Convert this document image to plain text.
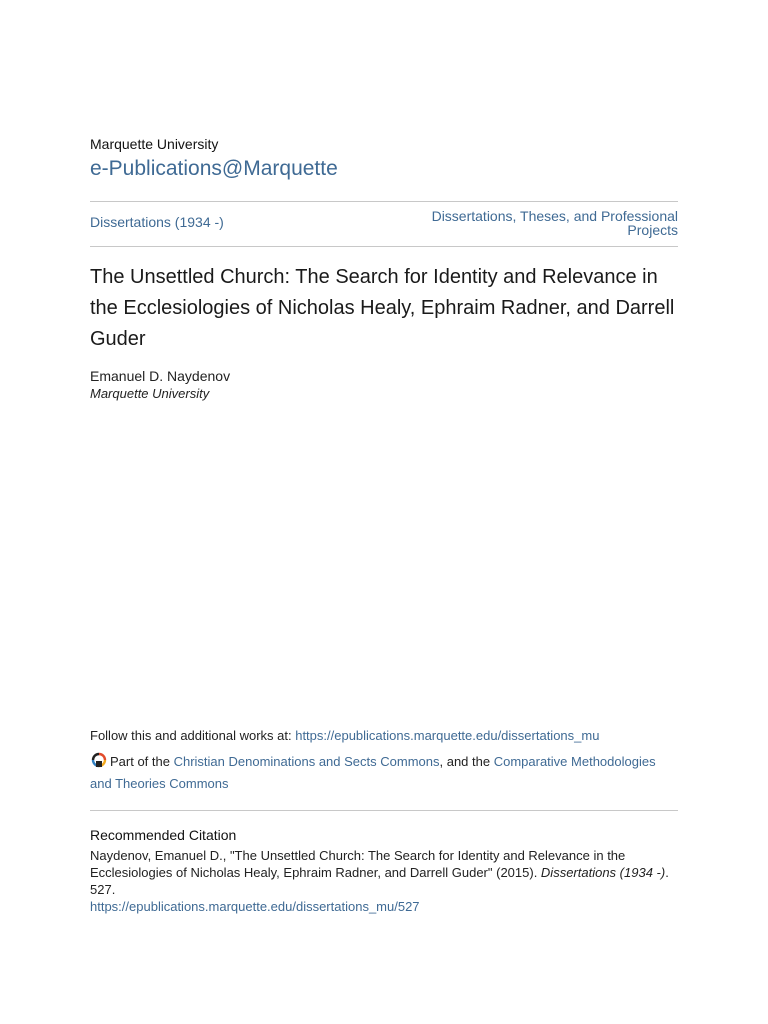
Marquette University
e-Publications@Marquette
Dissertations (1934 -)	Dissertations, Theses, and Professional Projects
The Unsettled Church: The Search for Identity and Relevance in the Ecclesiologies of Nicholas Healy, Ephraim Radner, and Darrell Guder
Emanuel D. Naydenov
Marquette University
Follow this and additional works at: https://epublications.marquette.edu/dissertations_mu
Part of the Christian Denominations and Sects Commons, and the Comparative Methodologies and Theories Commons
Recommended Citation
Naydenov, Emanuel D., "The Unsettled Church: The Search for Identity and Relevance in the Ecclesiologies of Nicholas Healy, Ephraim Radner, and Darrell Guder" (2015). Dissertations (1934 -). 527.
https://epublications.marquette.edu/dissertations_mu/527
